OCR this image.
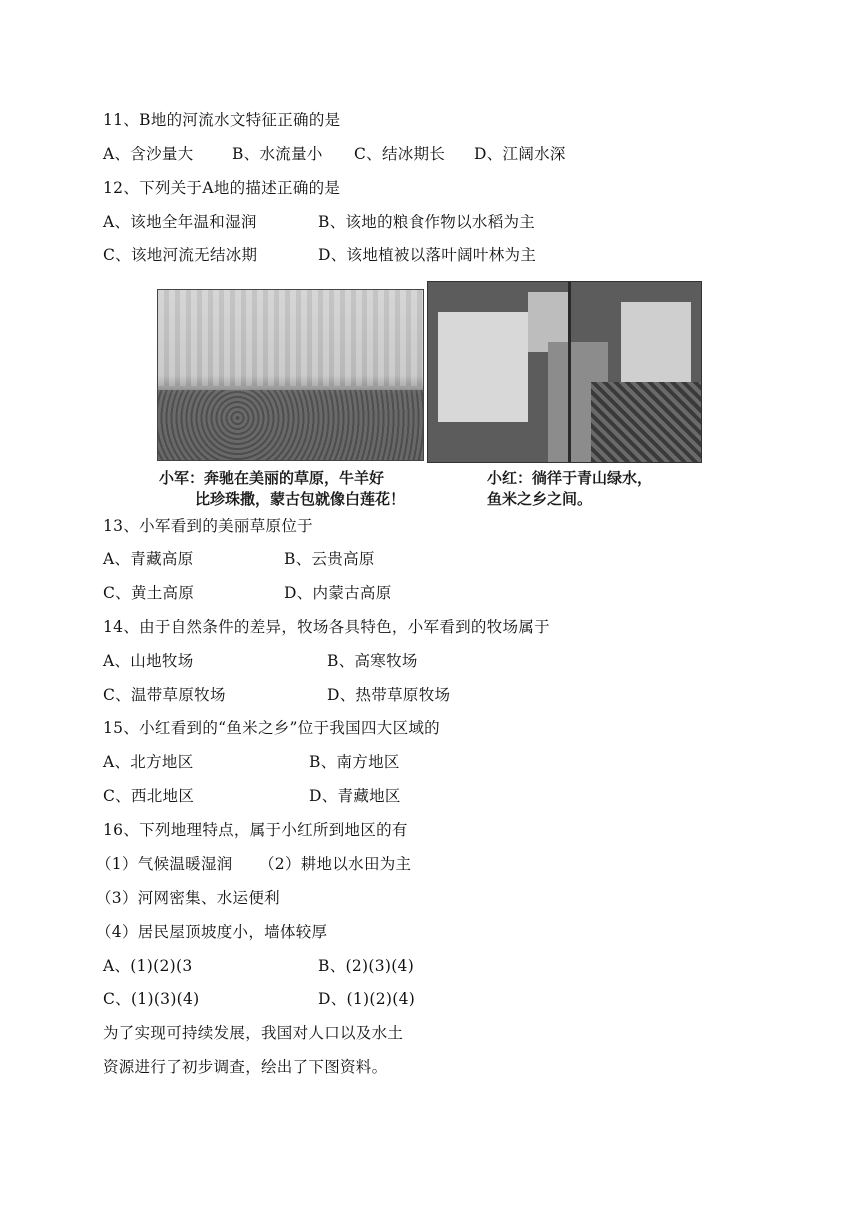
11、B地的河流水文特征正确的是
A、含沙量大 B、水流量小 C、结冰期长 D、江阔水深
12、下列关于A地的描述正确的是
A、该地全年温和湿润	B、该地的粮食作物以水稻为主
C、该地河流无结冰期	D、该地植被以落叶阔叶林为主
小军：奔驰在美丽的草原，牛羊好
比珍珠撒，蒙古包就像白莲花！
小红：徜徉于青山绿水，
鱼米之乡之间。
13、小军看到的美丽草原位于
A、青藏高原	B、云贵高原
C、黄土高原	D、内蒙古高原
14、由于自然条件的差异，牧场各具特色，小军看到的牧场属于
A、山地牧场	B、高寒牧场
C、温带草原牧场	D、热带草原牧场
15、小红看到的“鱼米之乡”位于我国四大区域的
A、北方地区	B、南方地区
C、西北地区	D、青藏地区
16、下列地理特点，属于小红所到地区的有
（1）气候温暖湿润 （2）耕地以水田为主
（3）河网密集、水运便利
（4）居民屋顶坡度小，墙体较厚
A、(1)(2)(3	B、(2)(3)(4)
C、(1)(3)(4)	D、(1)(2)(4)
为了实现可持续发展，我国对人口以及水土
资源进行了初步调查，绘出了下图资料。
